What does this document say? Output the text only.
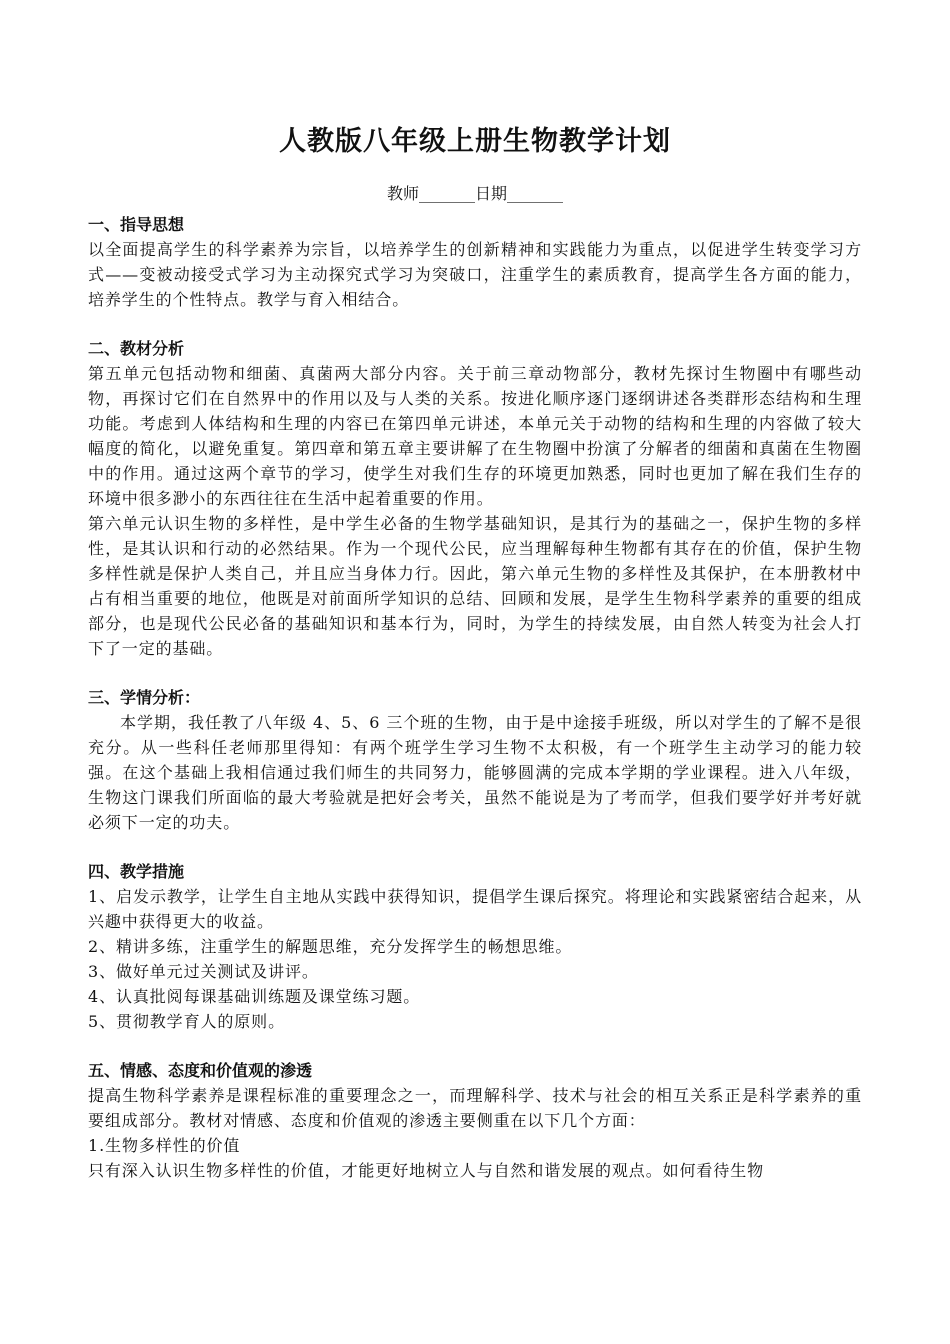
人教版八年级上册生物教学计划
教师_______日期_______
一、指导思想

以全面提高学生的科学素养为宗旨，以培养学生的创新精神和实践能力为重点，以促进学生转变学习方式——变被动接受式学习为主动探究式学习为突破口，注重学生的素质教育，提高学生各方面的能力，培养学生的个性特点。教学与育入相结合。

二、教材分析

第五单元包括动物和细菌、真菌两大部分内容。关于前三章动物部分，教材先探讨生物圈中有哪些动物，再探讨它们在自然界中的作用以及与人类的关系。按进化顺序逐门逐纲讲述各类群形态结构和生理功能。考虑到人体结构和生理的内容已在第四单元讲述，本单元关于动物的结构和生理的内容做了较大幅度的简化，以避免重复。第四章和第五章主要讲解了在生物圈中扮演了分解者的细菌和真菌在生物圈中的作用。通过这两个章节的学习，使学生对我们生存的环境更加熟悉，同时也更加了解在我们生存的环境中很多渺小的东西往往在生活中起着重要的作用。

第六单元认识生物的多样性，是中学生必备的生物学基础知识，是其行为的基础之一，保护生物的多样性，是其认识和行动的必然结果。作为一个现代公民，应当理解每种生物都有其存在的价值，保护生物多样性就是保护人类自己，并且应当身体力行。因此，第六单元生物的多样性及其保护，在本册教材中占有相当重要的地位，他既是对前面所学知识的总结、回顾和发展，是学生生物科学素养的重要的组成部分，也是现代公民必备的基础知识和基本行为，同时，为学生的持续发展，由自然人转变为社会人打下了一定的基础。

三、学情分析：

本学期，我任教了八年级 4、5、6 三个班的生物，由于是中途接手班级，所以对学生的了解不是很充分。从一些科任老师那里得知：有两个班学生学习生物不太积极，有一个班学生主动学习的能力较强。在这个基础上我相信通过我们师生的共同努力，能够圆满的完成本学期的学业课程。进入八年级，生物这门课我们所面临的最大考验就是把好会考关，虽然不能说是为了考而学，但我们要学好并考好就必须下一定的功夫。

四、教学措施

1、启发示教学，让学生自主地从实践中获得知识，提倡学生课后探究。将理论和实践紧密结合起来，从兴趣中获得更大的收益。

2、精讲多练，注重学生的解题思维，充分发挥学生的畅想思维。

3、做好单元过关测试及讲评。

4、认真批阅每课基础训练题及课堂练习题。

5、贯彻教学育人的原则。

五、情感、态度和价值观的渗透

提高生物科学素养是课程标准的重要理念之一，而理解科学、技术与社会的相互关系正是科学素养的重要组成部分。教材对情感、态度和价值观的渗透主要侧重在以下几个方面：

1.生物多样性的价值

只有深入认识生物多样性的价值，才能更好地树立人与自然和谐发展的观点。如何看待生物
